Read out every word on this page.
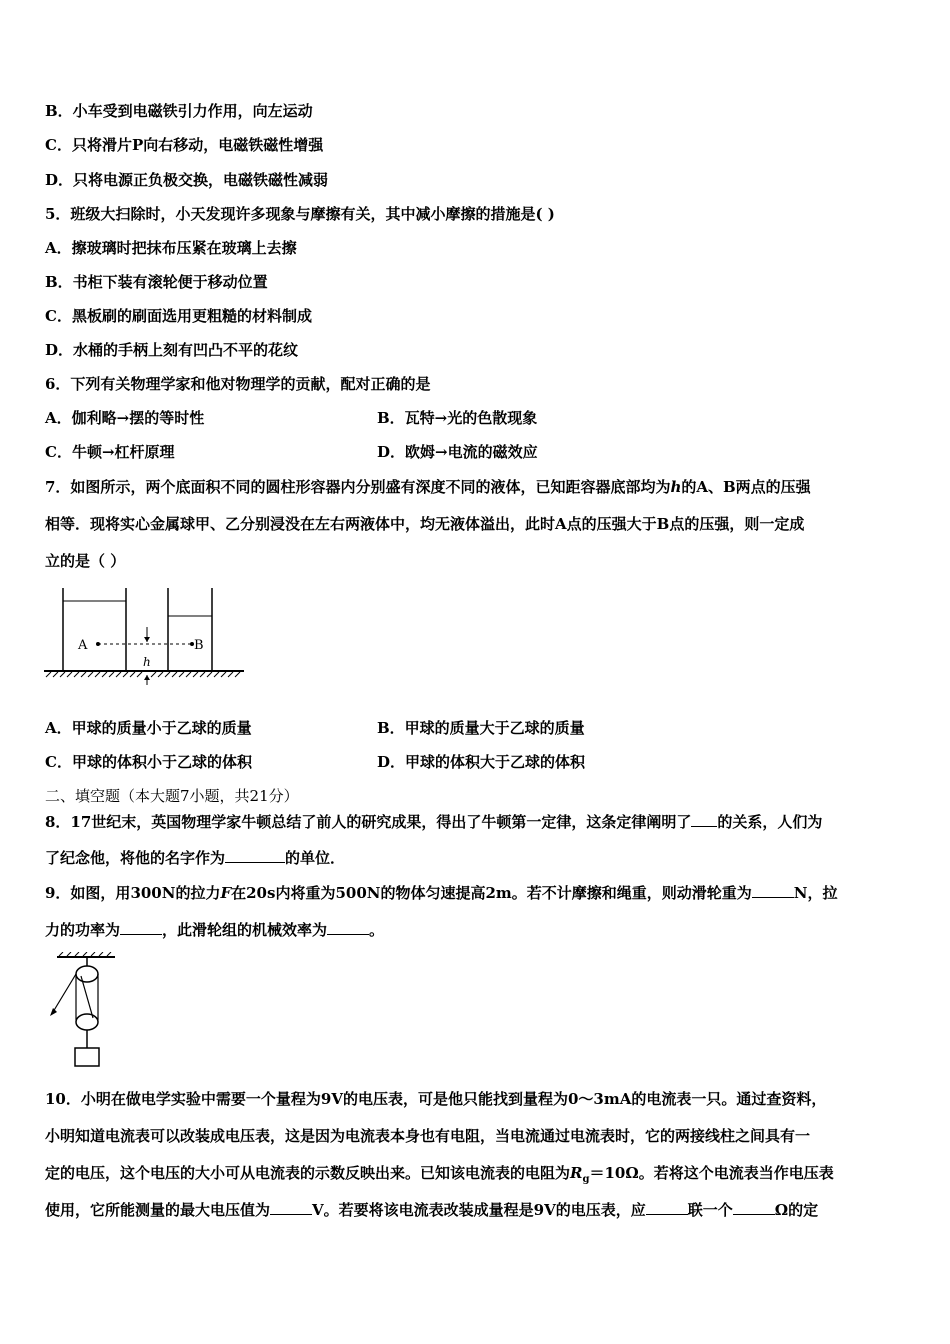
B．小车受到电磁铁引力作用，向左运动
C．只将滑片P向右移动，电磁铁磁性增强
D．只将电源正负极交换，电磁铁磁性减弱
5．班级大扫除时，小天发现许多现象与摩擦有关，其中减小摩擦的措施是( )
A．擦玻璃时把抹布压紧在玻璃上去擦
B．书柜下装有滚轮便于移动位置
C．黑板刷的刷面选用更粗糙的材料制成
D．水桶的手柄上刻有凹凸不平的花纹
6．下列有关物理学家和他对物理学的贡献，配对正确的是
A．伽利略→摆的等时性	B．瓦特→光的色散现象
C．牛顿→杠杆原理	D．欧姆→电流的磁效应
7．如图所示，两个底面积不同的圆柱形容器内分别盛有深度不同的液体，已知距容器底部均为h的A、B两点的压强
相等．现将实心金属球甲、乙分别浸没在左右两液体中，均无液体溢出，此时A点的压强大于B点的压强，则一定成
立的是（ ）
A	B
h
A．甲球的质量小于乙球的质量	B．甲球的质量大于乙球的质量
C．甲球的体积小于乙球的体积	D．甲球的体积大于乙球的体积
二、填空题（本大题7小题，共21分）
8．17世纪末，英国物理学家牛顿总结了前人的研究成果，得出了牛顿第一定律，这条定律阐明了 的关系，人们为
了纪念他，将他的名字作为	的单位．
9．如图，用300N的拉力F在20s内将重为500N的物体匀速提高2m。若不计摩擦和绳重，则动滑轮重为	N，拉
力的功率为	，此滑轮组的机械效率为	。
10．小明在做电学实验中需要一个量程为9V的电压表，可是他只能找到量程为0～3mA的电流表一只。通过查资料，
小明知道电流表可以改装成电压表，这是因为电流表本身也有电阻，当电流通过电流表时，它的两接线柱之间具有一
定的电压，这个电压的大小可从电流表的示数反映出来。已知该电流表的电阻为$R_g=10\Omega$。若将这个电流表当作电压表
使用，它所能测量的最大电压值为	V。若要将该电流表改装成量程是9V的电压表，应	联一个	Ω的定
